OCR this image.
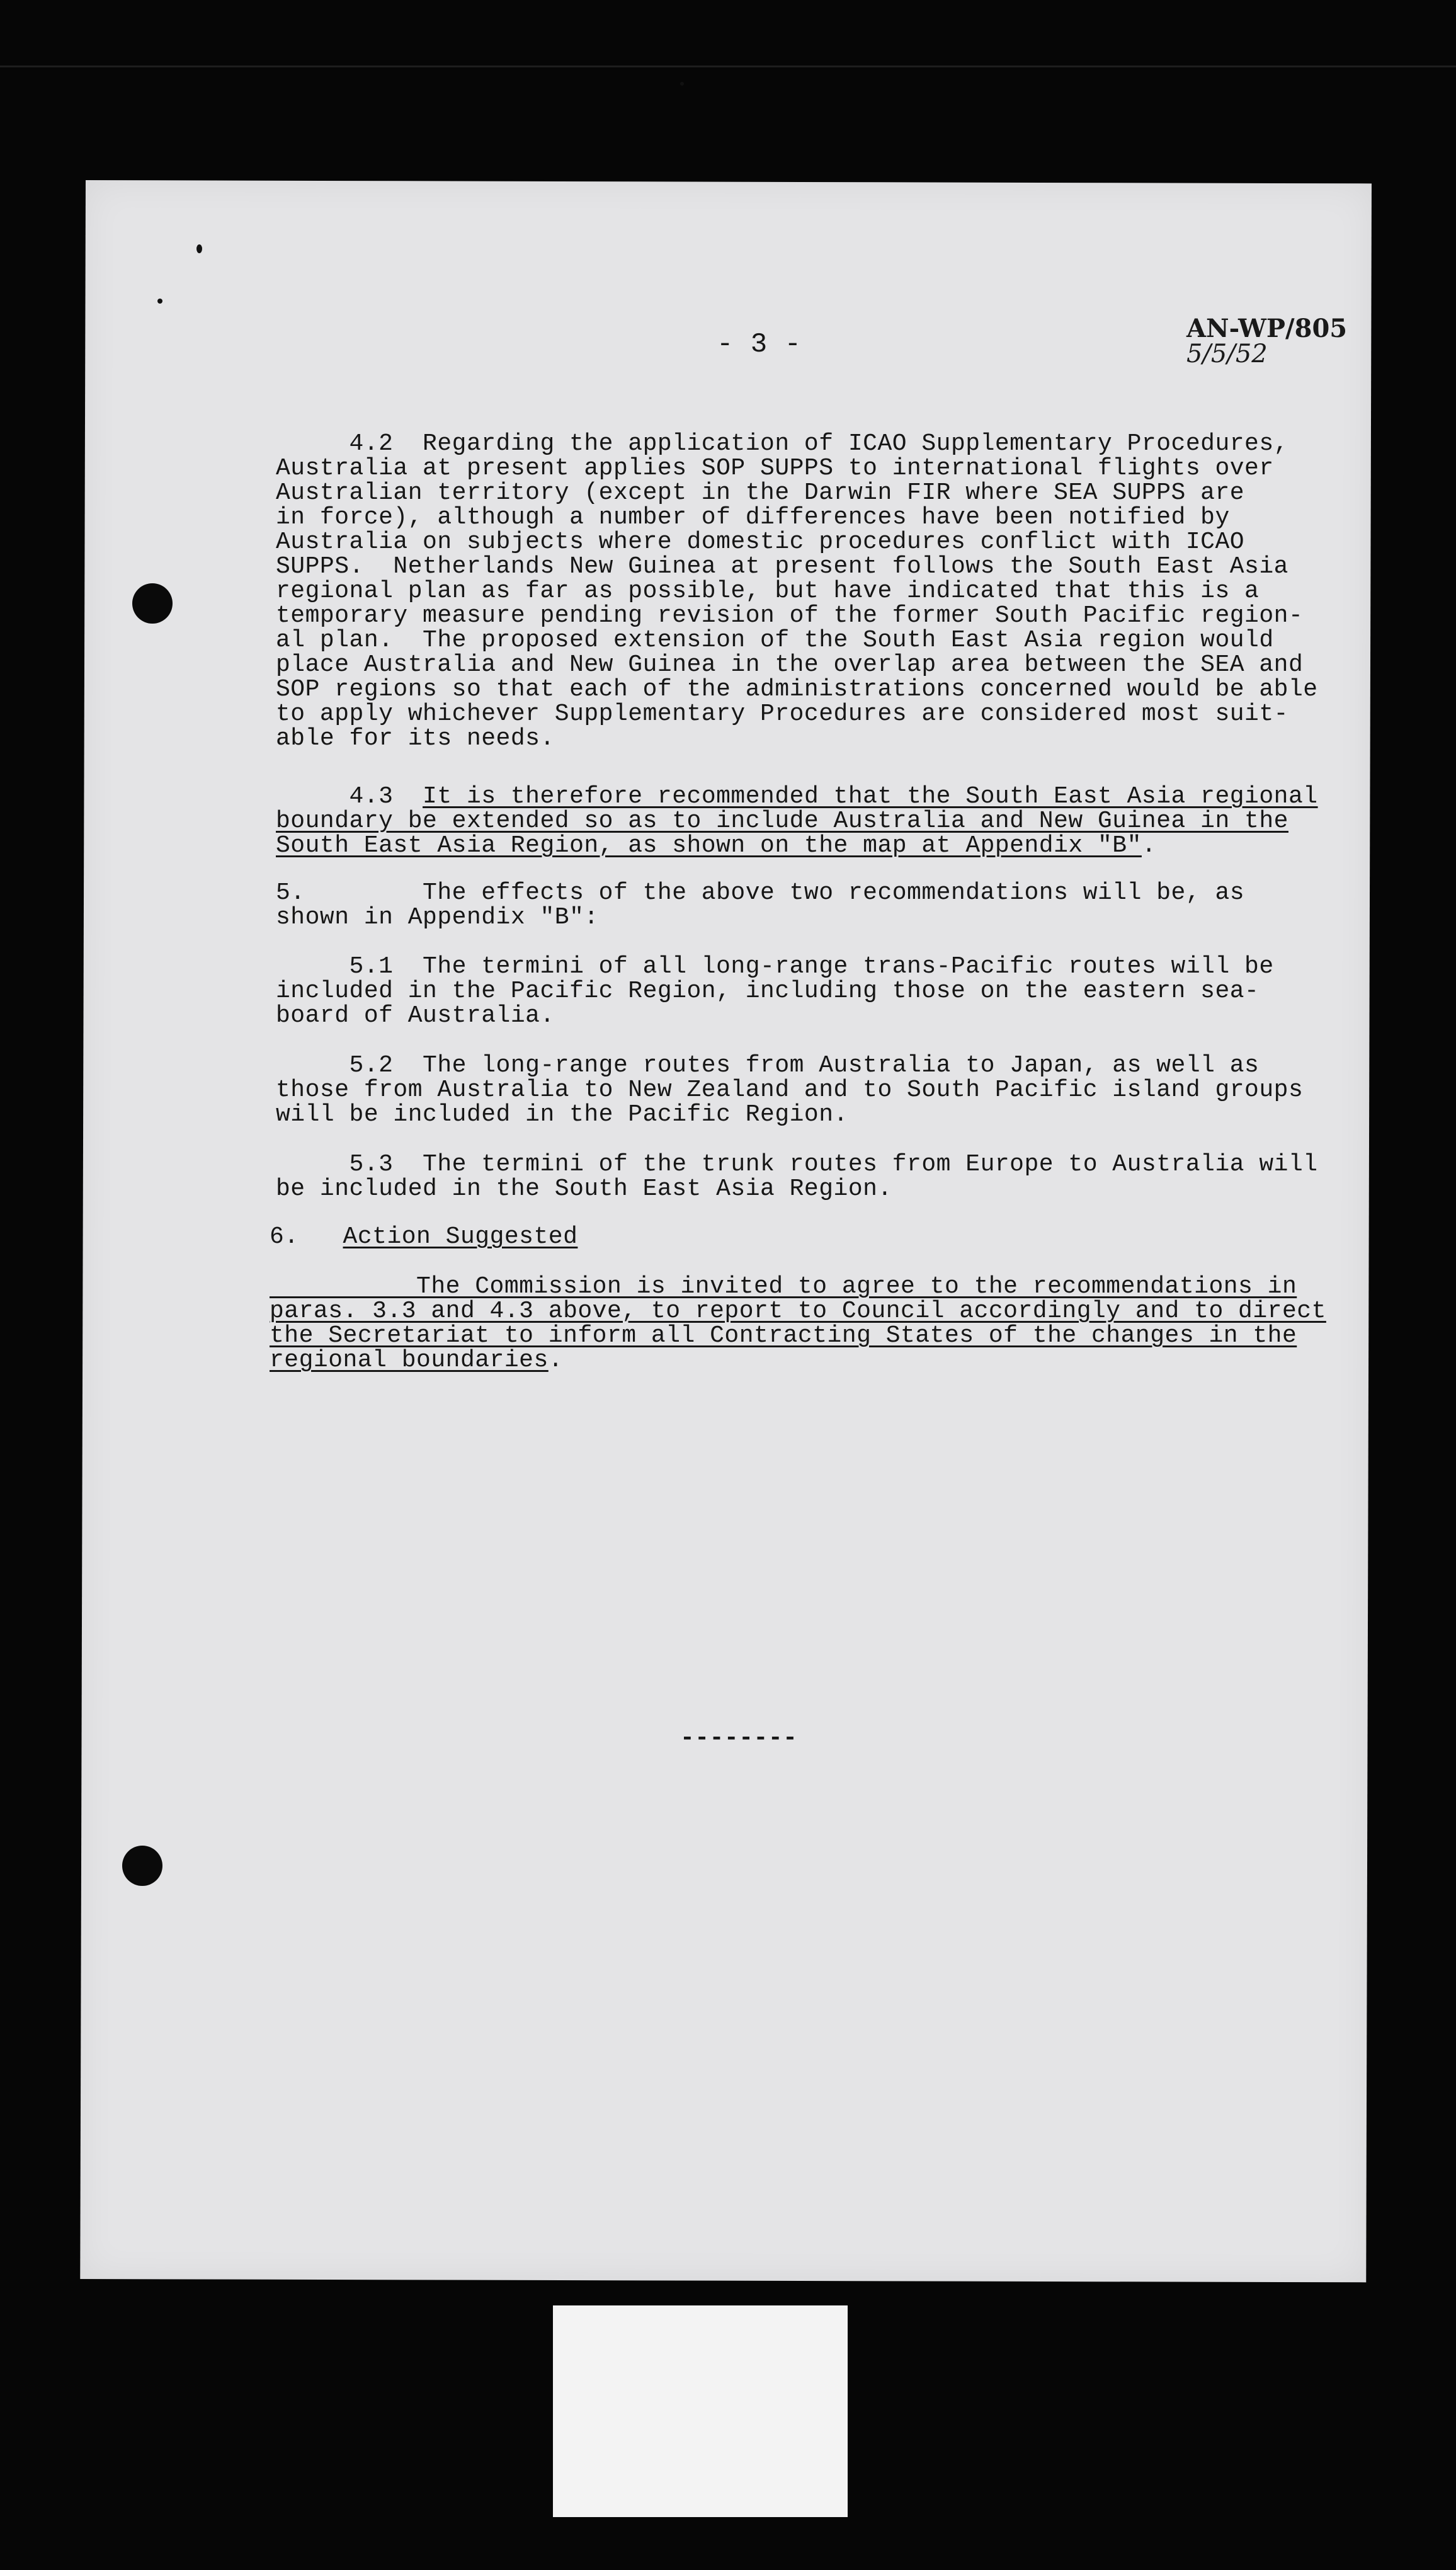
- 3 -
AN-WP/805
5/5/52
4.2  Regarding the application of ICAO Supplementary Procedures,
Australia at present applies SOP SUPPS to international flights over
Australian territory (except in the Darwin FIR where SEA SUPPS are
in force), although a number of differences have been notified by
Australia on subjects where domestic procedures conflict with ICAO
SUPPS.  Netherlands New Guinea at present follows the South East Asia
regional plan as far as possible, but have indicated that this is a
temporary measure pending revision of the former South Pacific region-
al plan.  The proposed extension of the South East Asia region would
place Australia and New Guinea in the overlap area between the SEA and
SOP regions so that each of the administrations concerned would be able
to apply whichever Supplementary Procedures are considered most suit-
able for its needs.
4.3  It is therefore recommended that the South East Asia regional
boundary be extended so as to include Australia and New Guinea in the
South East Asia Region, as shown on the map at Appendix "B".
5.        The effects of the above two recommendations will be, as
shown in Appendix "B":
5.1  The termini of all long-range trans-Pacific routes will be
included in the Pacific Region, including those on the eastern sea-
board of Australia.
5.2  The long-range routes from Australia to Japan, as well as
those from Australia to New Zealand and to South Pacific island groups
will be included in the Pacific Region.
5.3  The termini of the trunk routes from Europe to Australia will
be included in the South East Asia Region.
6.   Action Suggested
The Commission is invited to agree to the recommendations in
paras. 3.3 and 4.3 above, to report to Council accordingly and to direct
the Secretariat to inform all Contracting States of the changes in the
regional boundaries.
--------
